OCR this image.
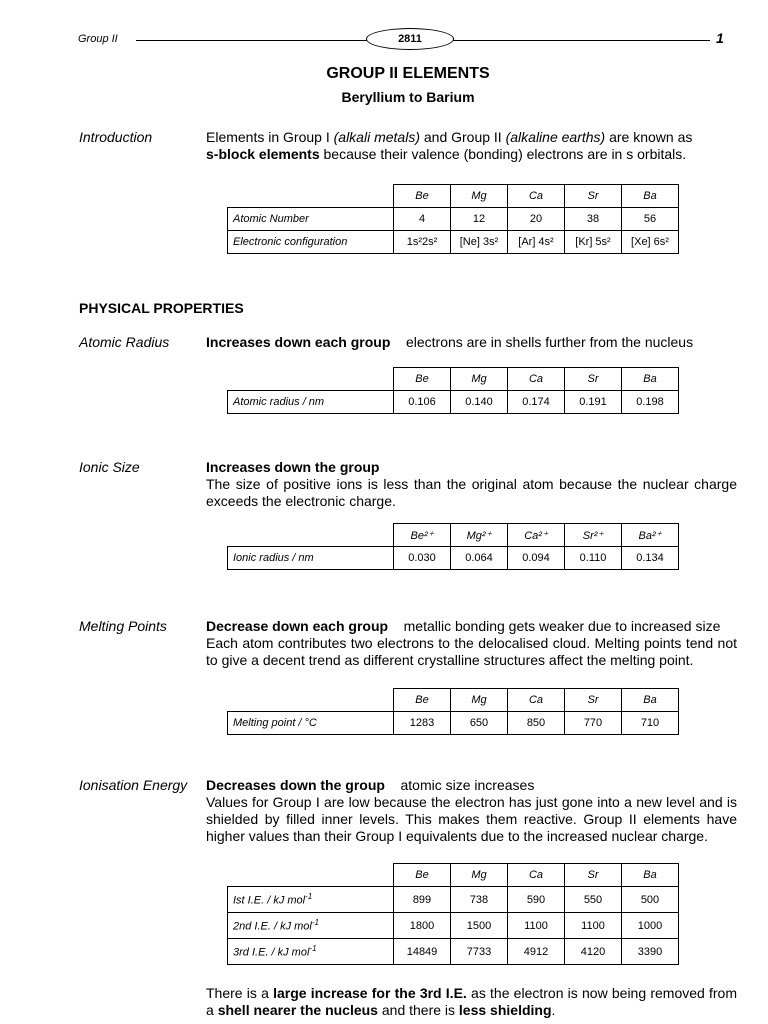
Group II	2811	1
GROUP II ELEMENTS
Beryllium to Barium
Introduction	Elements in Group I (alkali metals) and Group II (alkaline earths) are known as
s-block elements because their valence (bonding) electrons are in s orbitals.
	Be	Mg	Ca	Sr	Ba
Atomic Number	4	12	20	38	56
Electronic configuration	1s²2s²	[Ne] 3s²	[Ar] 4s²	[Kr] 5s²	[Xe] 6s²
PHYSICAL PROPERTIES
Atomic Radius	Increases down each group electrons are in shells further from the nucleus
	Be	Mg	Ca	Sr	Ba
Atomic radius / nm	0.106	0.140	0.174	0.191	0.198
Ionic Size	Increases down the group
The size of positive ions is less than the original atom because the nuclear charge exceeds the electronic charge.
	Be²⁺	Mg²⁺	Ca²⁺	Sr²⁺	Ba²⁺
Ionic radius / nm	0.030	0.064	0.094	0.110	0.134
Melting Points	Decrease down each group metallic bonding gets weaker due to increased size
Each atom contributes two electrons to the delocalised cloud. Melting points tend not to give a decent trend as different crystalline structures affect the melting point.
	Be	Mg	Ca	Sr	Ba
Melting point / °C	1283	650	850	770	710
Ionisation Energy Decreases down the group atomic size increases
Values for Group I are low because the electron has just gone into a new level and is shielded by filled inner levels. This makes them reactive. Group II elements have higher values than their Group I equivalents due to the increased nuclear charge.
	Be	Mg	Ca	Sr	Ba
Ist I.E. / kJ mol$^{-1}$	899	738	590	550	500
2nd I.E. / kJ mol$^{-1}$	1800	1500	1100	1100	1000
3rd I.E. / kJ mol$^{-1}$	14849	7733	4912	4120	3390
There is a large increase for the 3rd I.E. as the electron is now being removed from a shell nearer the nucleus and there is less shielding.
